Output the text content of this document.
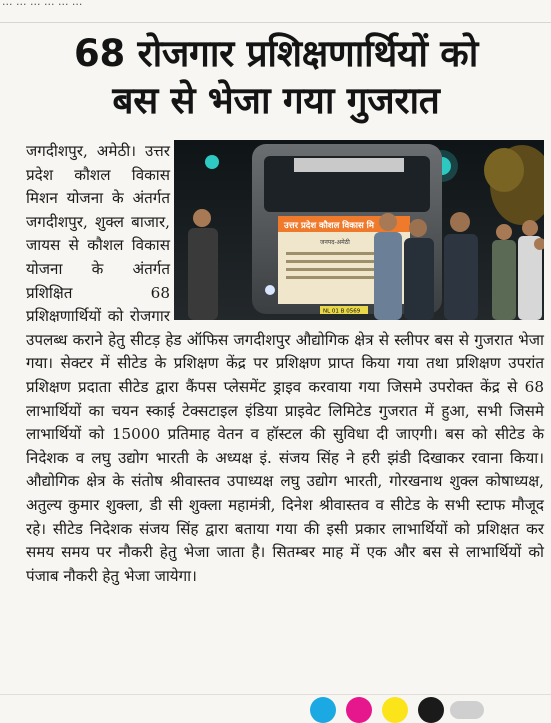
... ... ... ... ... ...
68 रोजगार प्रशिक्षणार्थियों को
बस से भेजा गया गुजरात
उत्तर प्रदेश कौशल विकास मि
जनपद-अमेठी
NL 01 B 0569

जगदीशपुर, अमेठी। उत्तर प्रदेश कौशल विकास मिशन योजना के अंतर्गत जगदीशपुर, शुक्ल बाजार, जायस से कौशल विकास योजना के अंतर्गत प्रशिक्षित 68 प्रशिक्षणार्थियों को रोजगार उपलब्ध कराने हेतु सीटड़ हेड ऑफिस जगदीशपुर औद्योगिक क्षेत्र से स्लीपर बस से गुजरात भेजा गया। सेक्टर में सीटेड के प्रशिक्षण केंद्र पर प्रशिक्षण प्राप्त किया गया तथा प्रशिक्षण उपरांत प्रशिक्षण प्रदाता सीटेड द्वारा कैंपस प्लेसमेंट ड्राइव करवाया गया जिसमे उपरोक्त केंद्र से 68 लाभार्थियों का चयन स्काई टेक्सटाइल इंडिया प्राइवेट लिमिटेड गुजरात में हुआ, सभी जिसमे लाभार्थियों को 15000 प्रतिमाह वेतन व हॉस्टल की सुविधा दी जाएगी। बस को सीटेड के निदेशक व लघु उद्योग भारती के अध्यक्ष इं. संजय सिंह ने हरी झंडी दिखाकर रवाना किया। औद्योगिक क्षेत्र के संतोष श्रीवास्तव उपाध्यक्ष लघु उद्योग भारती, गोरखनाथ शुक्ल कोषाध्यक्ष, अतुल्य कुमार शुक्ला, डी सी शुक्ला महामंत्री, दिनेश श्रीवास्तव व सीटेड के सभी स्टाफ मौजूद रहे। सीटेड निदेशक संजय सिंह द्वारा बताया गया की इसी प्रकार लाभार्थियों को प्रशिक्षत कर समय समय पर नौकरी हेतु भेजा जाता है। सितम्बर माह में एक और बस से लाभार्थियों को पंजाब नौकरी हेतु भेजा जायेगा।
